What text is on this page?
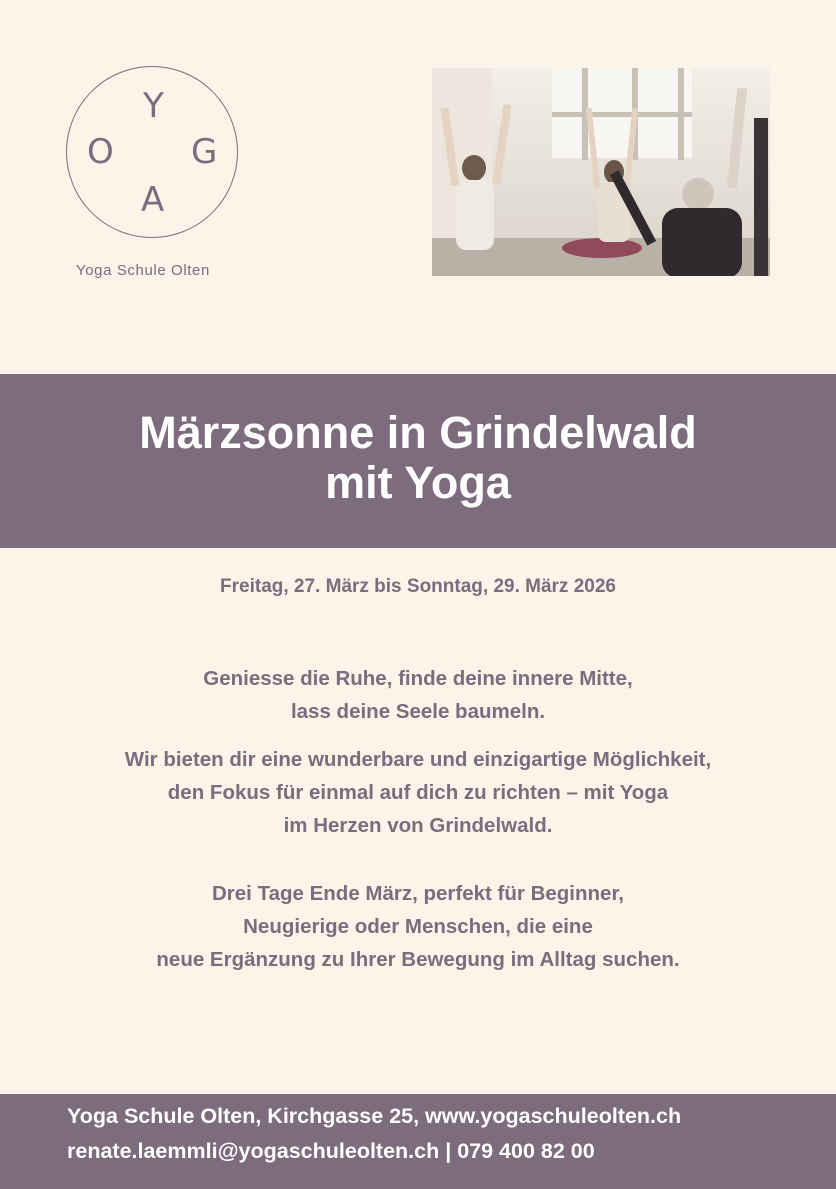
Y
O G
A
Yoga Schule Olten
Märzsonne in Grindelwald
mit Yoga
Freitag, 27. März bis Sonntag, 29. März 2026
Geniesse die Ruhe, finde deine innere Mitte,
lass deine Seele baumeln.
Wir bieten dir eine wunderbare und einzigartige Möglichkeit,
den Fokus für einmal auf dich zu richten – mit Yoga
im Herzen von Grindelwald.
Drei Tage Ende März, perfekt für Beginner,
Neugierige oder Menschen, die eine
neue Ergänzung zu Ihrer Bewegung im Alltag suchen.
Yoga Schule Olten, Kirchgasse 25, www.yogaschuleolten.ch
renate.laemmli@yogaschuleolten.ch | 079 400 82 00
